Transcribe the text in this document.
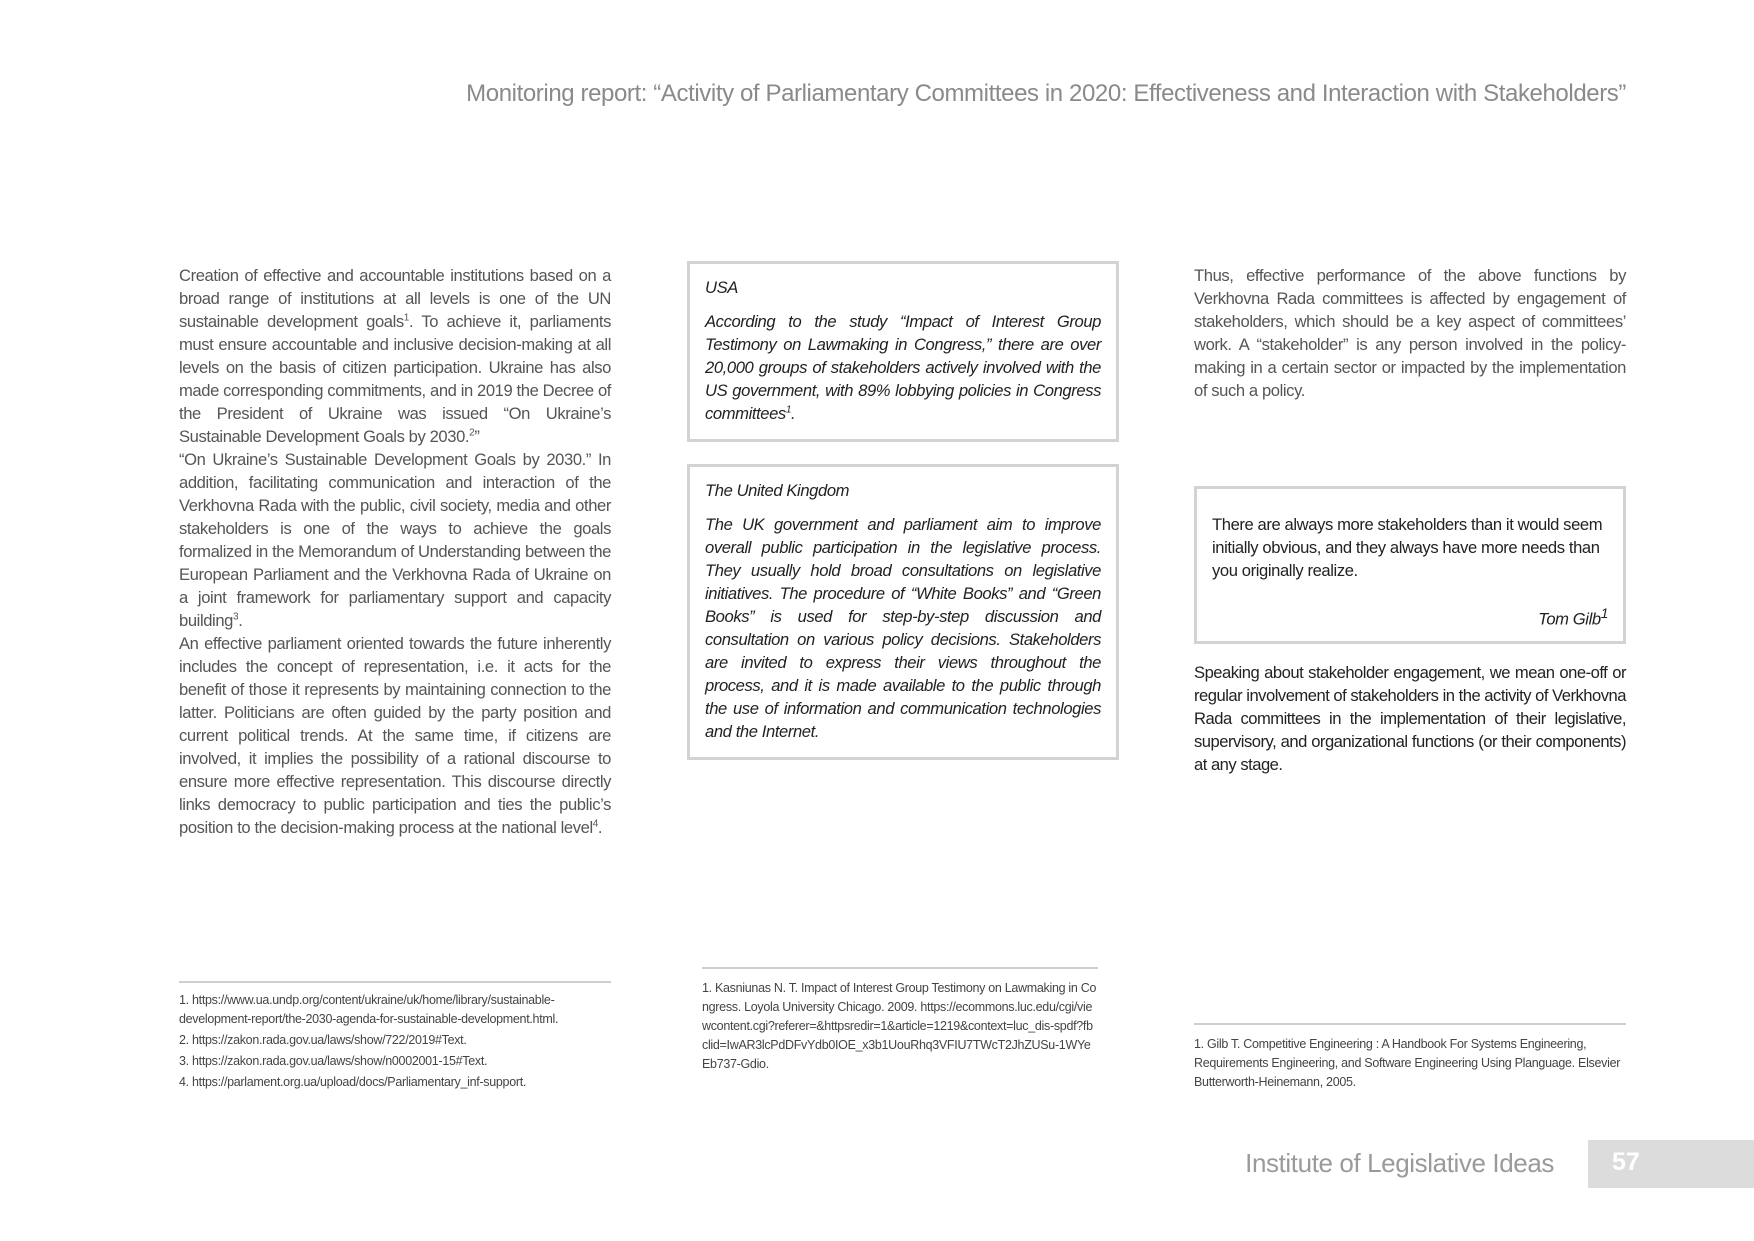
Monitoring report: “Activity of Parliamentary Committees in 2020: Effectiveness and Interaction with Stakeholders”

Creation of effective and accountable institutions based on a broad range of institutions at all levels is one of the UN sustainable development goals$^1$. To achieve it, parliaments must ensure accountable and inclusive decision-making at all levels on the basis of citizen participation. Ukraine has also made corresponding commitments, and in 2019 the Decree of the President of Ukraine was issued “On Ukraine’s Sustainable Development Goals by 2030.$^2$”

“On Ukraine’s Sustainable Development Goals by 2030.” In addition, facilitating communication and interaction of the Verkhovna Rada with the public, civil society, media and other stakeholders is one of the ways to achieve the goals formalized in the Memorandum of Understanding between the European Parliament and the Verkhovna Rada of Ukraine on a joint framework for parliamentary support and capacity building$^3$.

An effective parliament oriented towards the future inherently includes the concept of representation, i.e. it acts for the benefit of those it represents by maintaining connection to the latter. Politicians are often guided by the party position and current political trends. At the same time, if citizens are involved, it implies the possibility of a rational discourse to ensure more effective representation. This discourse directly links democracy to public participation and ties the public’s position to the decision-making process at the national level$^4$.

USA
According to the study “Impact of Interest Group Testimony on Lawmaking in Congress,” there are over 20,000 groups of stakeholders actively involved with the US government, with 89% lobbying policies in Congress committees$^1$.
The United Kingdom
The UK government and parliament aim to improve overall public participation in the legislative process. They usually hold broad consultations on legislative initiatives. The procedure of “White Books” and “Green Books” is used for step-by-step discussion and consultation on various policy decisions. Stakeholders are invited to express their views throughout the process, and it is made available to the public through the use of information and communication technologies and the Internet.
Thus, effective performance of the above functions by Verkhovna Rada committees is affected by engagement of stakeholders, which should be a key aspect of committees’ work. A “stakeholder” is any person involved in the policy-making in a certain sector or impacted by the implementation of such a policy.
There are always more stakeholders than it would seem initially obvious, and they always have more needs than you originally realize.
Tom Gilb$^1$
Speaking about stakeholder engagement, we mean one-off or regular involvement of stakeholders in the activity of Verkhovna Rada committees in the implementation of their legislative, supervisory, and organizational functions (or their components) at any stage.
1. https://www.ua.undp.org/content/ukraine/uk/home/library/sustainable- development-report/the-2030-agenda-for-sustainable-development.html.
2. https://zakon.rada.gov.ua/laws/show/722/2019#Text.
3. https://zakon.rada.gov.ua/laws/show/n0002001-15#Text.
4. https://parlament.org.ua/upload/docs/Parliamentary_inf-support.
1. Kasniunas N. T. Impact of Interest Group Testimony on Lawmaking in Congress. Loyola University Chicago. 2009. https://ecommons.luc.edu/cgi/viewcontent.cgi?referer=&httpsredir=1&article=1219&context=luc_dis-spdf?fbclid=IwAR3lcPdDFvYdb0IOE_x3b1UouRhq3VFIU7TWcT2JhZUSu-1WYe Eb737-Gdio.
1. Gilb T. Competitive Engineering : A Handbook For Systems Engineering, Requirements Engineering, and Software Engineering Using Planguage. Elsevier Butterworth-Heinemann, 2005.
Institute of Legislative Ideas 57
